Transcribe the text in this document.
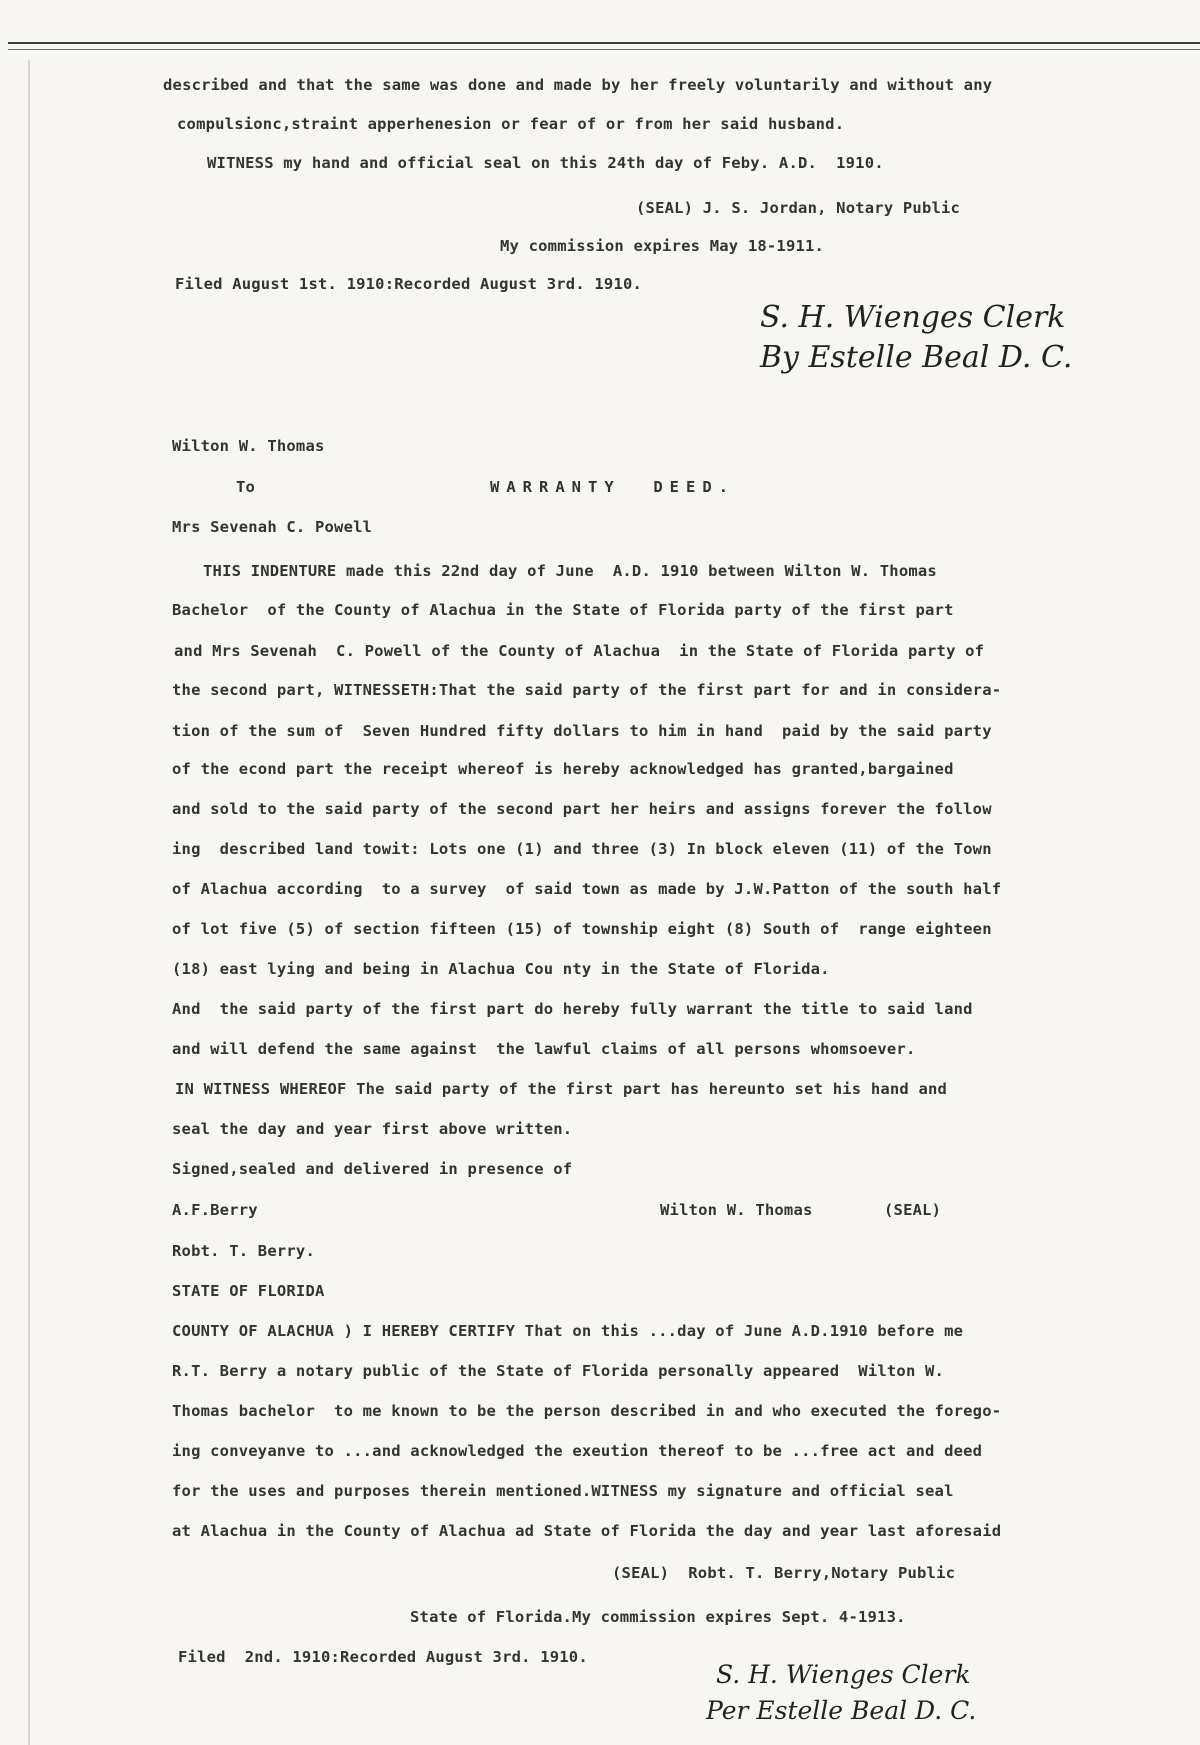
described and that the same was done and made by her freely voluntarily and without any
compulsionc,straint apperhenesion or fear of or from her said husband.
WITNESS my hand and official seal on this 24th day of Feby. A.D.  1910.
(SEAL) J. S. Jordan, Notary Public
My commission expires May 18-1911.
Filed August 1st. 1910:Recorded August 3rd. 1910.
S. H. Wienges Clerk
By Estelle Beal D. C.
Wilton W. Thomas
To	WARRANTY  DEED.
Mrs Sevenah C. Powell
THIS INDENTURE made this 22nd day of June  A.D. 1910 between Wilton W. Thomas
Bachelor  of the County of Alachua in the State of Florida party of the first part
and Mrs Sevenah  C. Powell of the County of Alachua  in the State of Florida party of
the second part, WITNESSETH:That the said party of the first part for and in considera-
tion of the sum of  Seven Hundred fifty dollars to him in hand  paid by the said party
of the econd part the receipt whereof is hereby acknowledged has granted,bargained
and sold to the said party of the second part her heirs and assigns forever the follow
ing  described land towit: Lots one (1) and three (3) In block eleven (11) of the Town
of Alachua according  to a survey  of said town as made by J.W.Patton of the south half
of lot five (5) of section fifteen (15) of township eight (8) South of  range eighteen
(18) east lying and being in Alachua Cou nty in the State of Florida.
And  the said party of the first part do hereby fully warrant the title to said land
and will defend the same against  the lawful claims of all persons whomsoever.
IN WITNESS WHEREOF The said party of the first part has hereunto set his hand and
seal the day and year first above written.
Signed,sealed and delivered in presence of
A.F.Berry	Wilton W. Thomas	(SEAL)
Robt. T. Berry.
STATE OF FLORIDA
COUNTY OF ALACHUA ) I HEREBY CERTIFY That on this ...day of June A.D.1910 before me
R.T. Berry a notary public of the State of Florida personally appeared  Wilton W.
Thomas bachelor  to me known to be the person described in and who executed the forego-
ing conveyanve to ...and acknowledged the exeution thereof to be ...free act and deed
for the uses and purposes therein mentioned.WITNESS my signature and official seal
at Alachua in the County of Alachua ad State of Florida the day and year last aforesaid
(SEAL)  Robt. T. Berry,Notary Public
State of Florida.My commission expires Sept. 4-1913.
Filed  2nd. 1910:Recorded August 3rd. 1910.
S. H. Wienges Clerk
Per Estelle Beal D. C.
